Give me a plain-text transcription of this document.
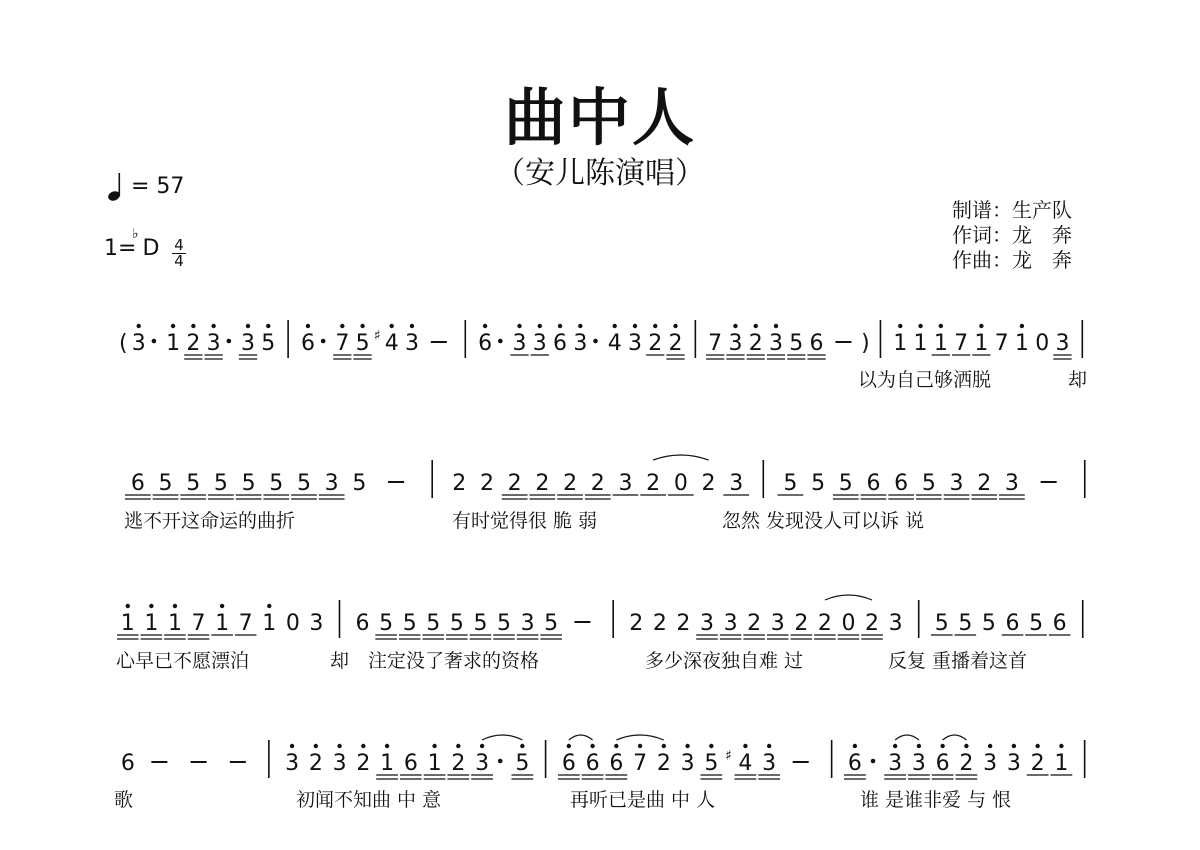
曲中人
（安儿陈演唱）
= 57
1=
♭
D 4
4
制谱：生产队
作词：龙　奔
作曲：龙　奔
( 3 1 2 3 3 5 6 7 5 ♯ 4 3	6 3 3 6 3 4 3 2 2 7 3 2 3 5 6 ) 1 1 1 7 1 7 1 0 3
以为自己够洒脱	却
6 5 5 5 5 5 5 3 5	2 2 2 2 2 2 3 2 0 2 3 5 5 5 6 6 5 3 2 3
逃不开这命运的曲折	有时觉得很 脆 弱	忽然 发现没人可以诉 说
1 1 1 7 1 7 1 0 3 6 5 5 5 5 5 5 3 5	2 2 2 3 3 2 3 2 2 0 2 3 5 5 5 6 5 6
心早已不愿漂泊	却 注定没了奢求的资格	多少深夜独自难 过	反复 重播着这首
6	3 2 3 2 1 6 1 2 3 5 6 6 6 7 2 3 5 ♯ 4 3	6 3 3 6 2 3 3 2 1
歌	初闻不知曲 中 意	再听已是曲 中 人	谁 是谁非爱 与 恨
